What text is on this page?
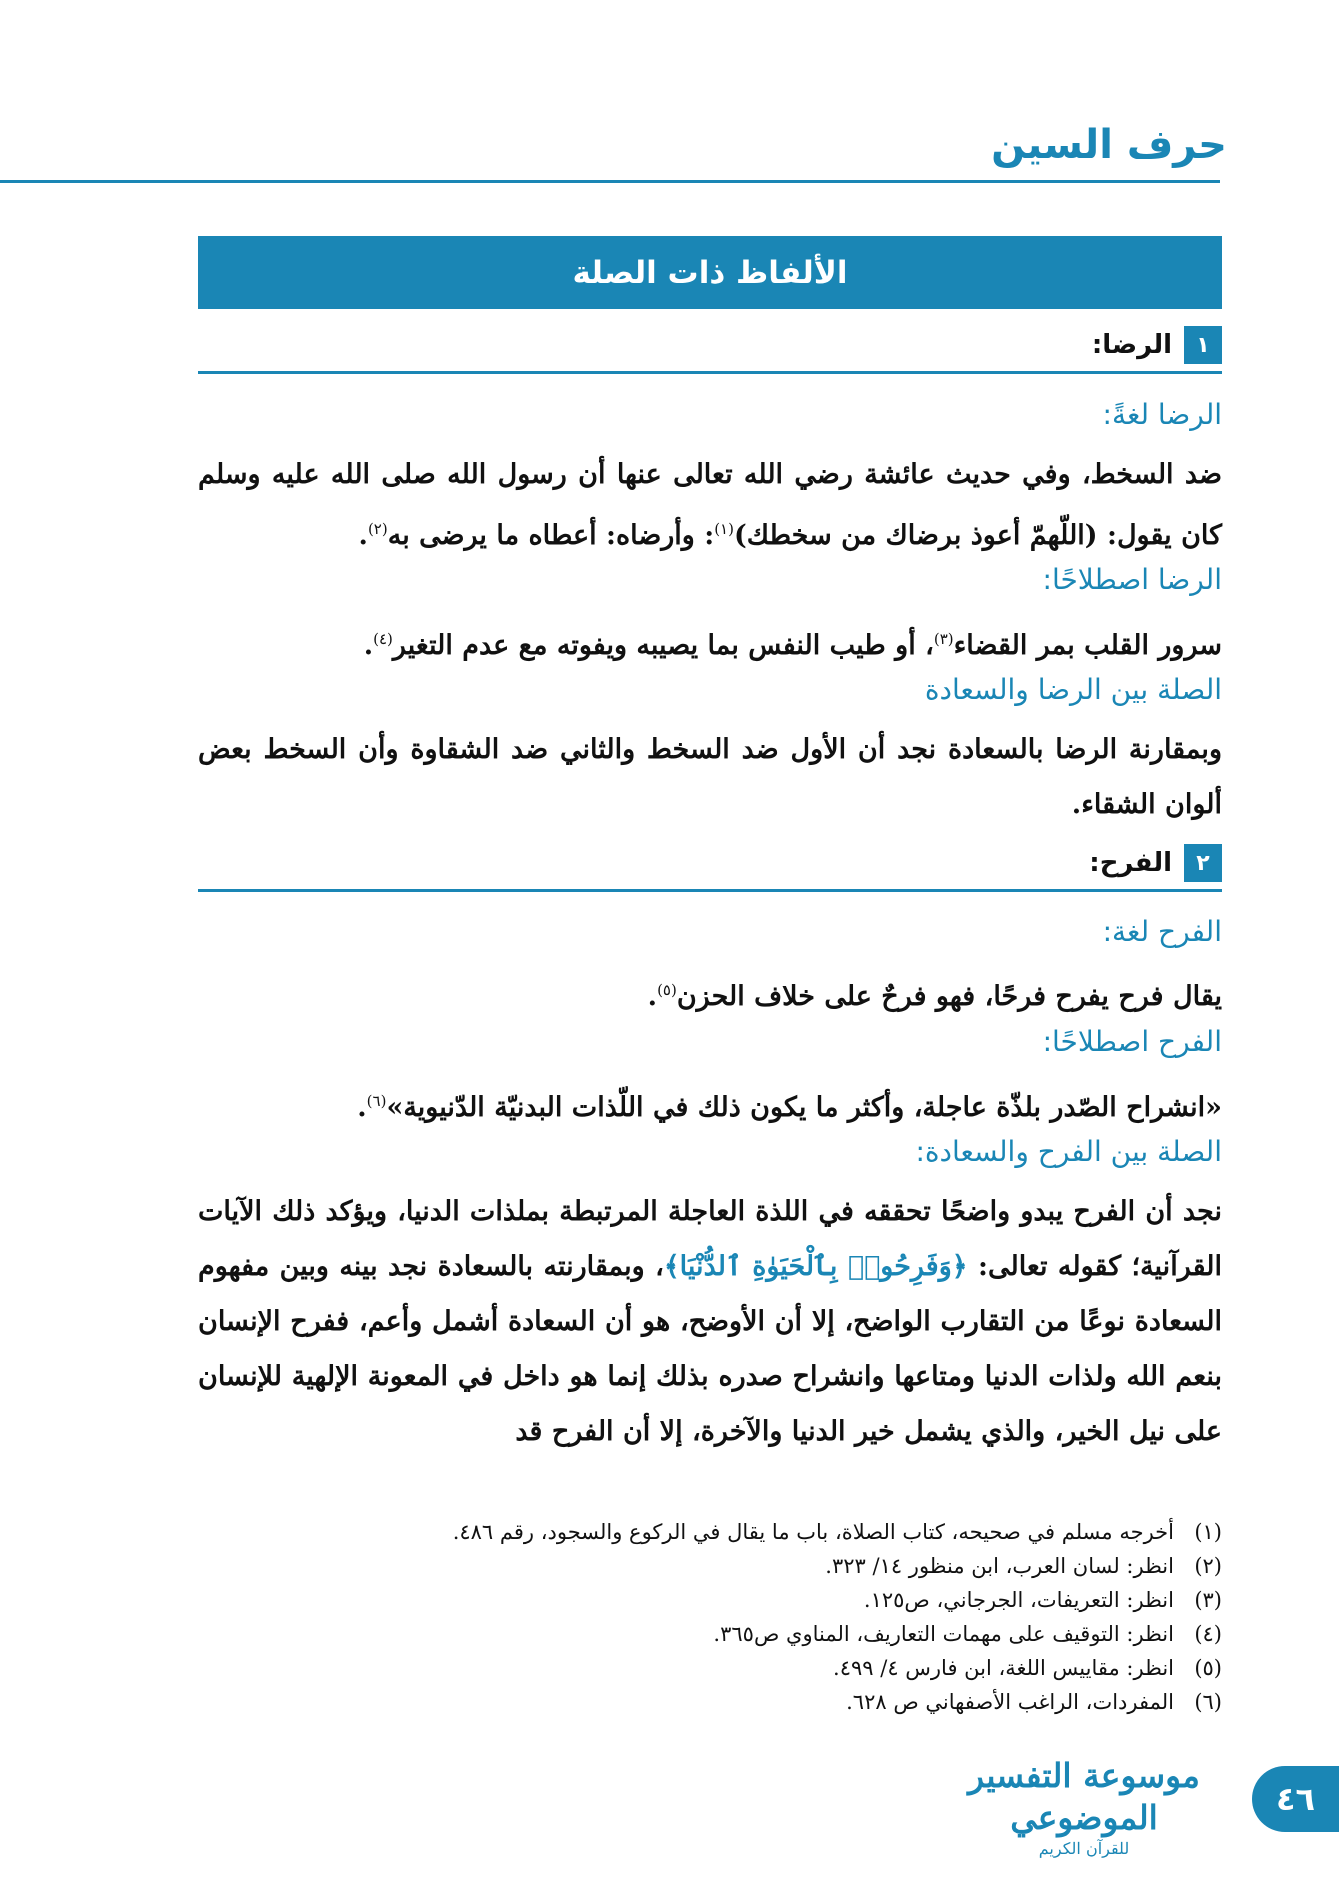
حرف السين
الألفاظ ذات الصلة
١
الرضا:
الرضا لغةً:
ضد السخط، وفي حديث عائشة رضي الله تعالى عنها أن رسول الله صلى الله عليه وسلم كان يقول: (اللّهمّ أعوذ برضاك من سخطك)$^{(١)}$: وأرضاه: أعطاه ما يرضى به$^{(٢)}$.
الرضا اصطلاحًا:
سرور القلب بمر القضاء$^{(٣)}$، أو طيب النفس بما يصيبه ويفوته مع عدم التغير$^{(٤)}$.
الصلة بين الرضا والسعادة
وبمقارنة الرضا بالسعادة نجد أن الأول ضد السخط والثاني ضد الشقاوة وأن السخط بعض ألوان الشقاء.
٢
الفرح:
الفرح لغة:
يقال فرح يفرح فرحًا، فهو فرحٌ على خلاف الحزن$^{(٥)}$.
الفرح اصطلاحًا:
«انشراح الصّدر بلذّة عاجلة، وأكثر ما يكون ذلك في اللّذات البدنيّة الدّنيوية»$^{(٦)}$.
الصلة بين الفرح والسعادة:
نجد أن الفرح يبدو واضحًا تحققه في اللذة العاجلة المرتبطة بملذات الدنيا، ويؤكد ذلك الآيات القرآنية؛ كقوله تعالى: ﴿وَفَرِحُوا۟ بِٱلْحَيَوٰةِ ٱلدُّنْيَا﴾، وبمقارنته بالسعادة نجد بينه وبين مفهوم السعادة نوعًا من التقارب الواضح، إلا أن الأوضح، هو أن السعادة أشمل وأعم، ففرح الإنسان بنعم الله ولذات الدنيا ومتاعها وانشراح صدره بذلك إنما هو داخل في المعونة الإلهية للإنسان على نيل الخير، والذي يشمل خير الدنيا والآخرة، إلا أن الفرح قد
(١)
أخرجه مسلم في صحيحه، كتاب الصلاة، باب ما يقال في الركوع والسجود، رقم ٤٨٦.
(٢)
انظر: لسان العرب، ابن منظور ١٤/ ٣٢٣.
(٣)
انظر: التعريفات، الجرجاني، ص١٢٥.
(٤)
انظر: التوقيف على مهمات التعاريف، المناوي ص٣٦٥.
(٥)
انظر: مقاييس اللغة، ابن فارس ٤/ ٤٩٩.
(٦)
المفردات، الراغب الأصفهاني ص ٦٢٨.
٤٦
موسوعة التفسير الموضوعي
للقرآن الكريم
